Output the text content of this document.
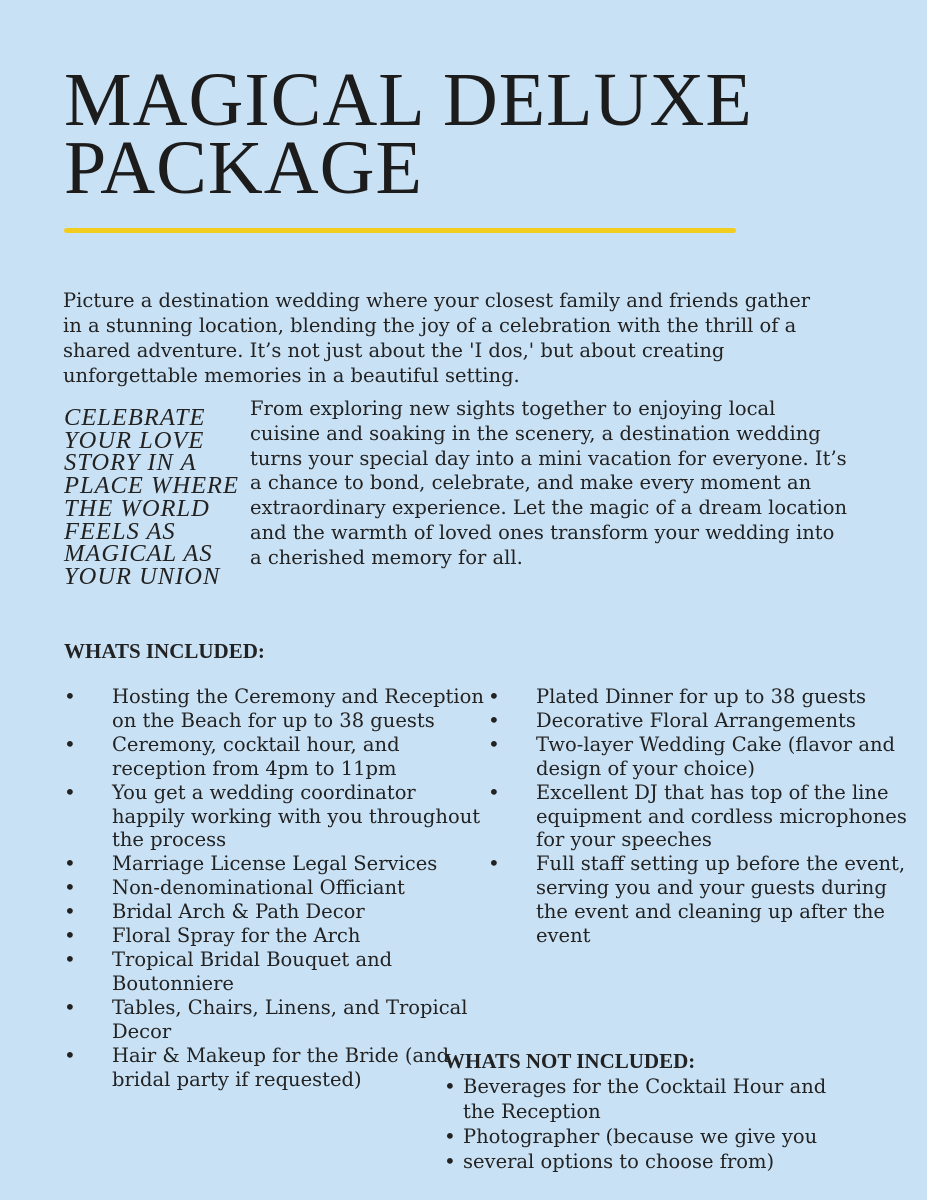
MAGICAL DELUXE
PACKAGE

Picture a destination wedding where your closest family and friends gather in a stunning location, blending the joy of a celebration with the thrill of a shared adventure. It’s not just about the 'I dos,' but about creating unforgettable memories in a beautiful setting.

CELEBRATE YOUR LOVE STORY IN A PLACE WHERE THE WORLD FEELS AS MAGICAL AS YOUR UNION

From exploring new sights together to enjoying local cuisine and soaking in the scenery, a destination wedding turns your special day into a mini vacation for everyone. It’s a chance to bond, celebrate, and make every moment an extraordinary experience. Let the magic of a dream location and the warmth of loved ones transform your wedding into a cherished memory for all.

WHATS INCLUDED:
• Hosting the Ceremony and Reception on the Beach for up to 38 guests
• Ceremony, cocktail hour, and reception from 4pm to 11pm
• You get a wedding coordinator happily working with you throughout the process
• Marriage License Legal Services
• Non-denominational Officiant
• Bridal Arch & Path Decor
• Floral Spray for the Arch
• Tropical Bridal Bouquet and Boutonniere
• Tables, Chairs, Linens, and Tropical Decor
• Hair & Makeup for the Bride (and bridal party if requested)
• Plated Dinner for up to 38 guests
• Decorative Floral Arrangements
• Two-layer Wedding Cake (flavor and design of your choice)
• Excellent DJ that has top of the line equipment and cordless microphones for your speeches
• Full staff setting up before the event, serving you and your guests during the event and cleaning up after the event
WHATS NOT INCLUDED:
• Beverages for the Cocktail Hour and the Reception
• Photographer (because we give you
• several options to choose from)
